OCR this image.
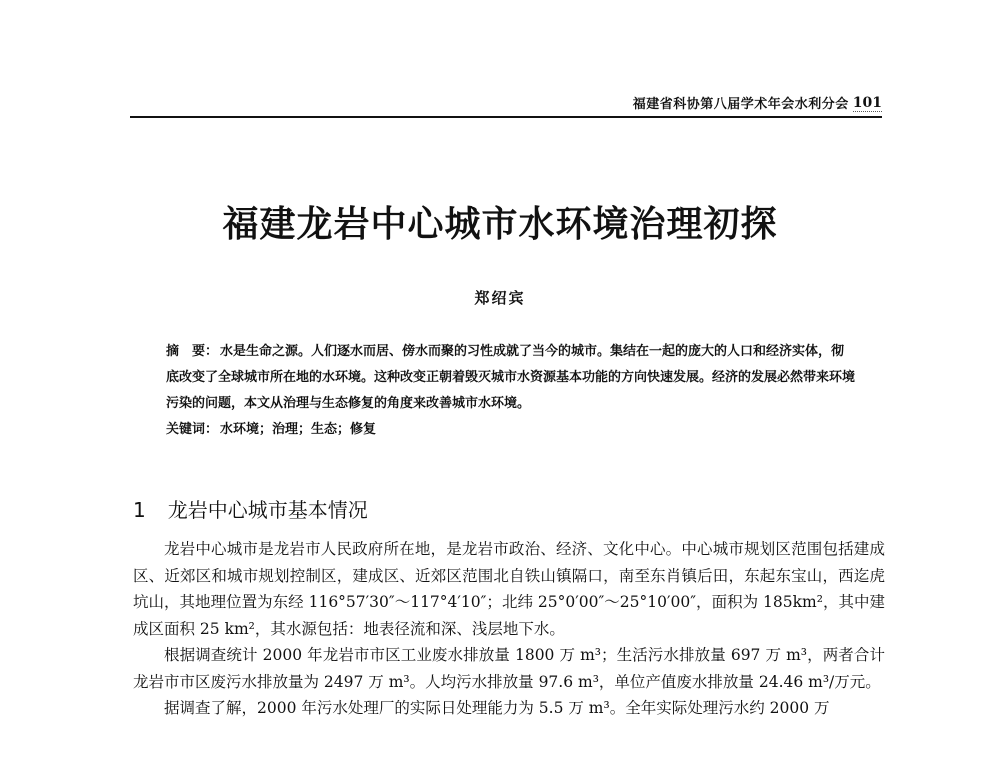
福建省科协第八届学术年会水利分会 101
福建龙岩中心城市水环境治理初探
郑绍宾

摘　要： 水是生命之源。人们逐水而居、傍水而聚的习性成就了当今的城市。集结在一起的庞大的人口和经济实体，彻底改变了全球城市所在地的水环境。这种改变正朝着毁灭城市水资源基本功能的方向快速发展。经济的发展必然带来环境污染的问题，本文从治理与生态修复的角度来改善城市水环境。

关键词： 水环境；治理；生态；修复

1 龙岩中心城市基本情况

龙岩中心城市是龙岩市人民政府所在地，是龙岩市政治、经济、文化中心。中心城市规划区范围包括建成区、近郊区和城市规划控制区，建成区、近郊区范围北自铁山镇隔口，南至东肖镇后田，东起东宝山，西迄虎坑山，其地理位置为东经 116°57′30″～117°4′10″；北纬 25°0′00″～25°10′00″，面积为 185km²，其中建成区面积 25 km²，其水源包括：地表径流和深、浅层地下水。

根据调查统计 2000 年龙岩市市区工业废水排放量 1800 万 m³；生活污水排放量 697 万 m³，两者合计龙岩市市区废污水排放量为 2497 万 m³。人均污水排放量 97.6 m³，单位产值废水排放量 24.46 m³/万元。

据调查了解，2000 年污水处理厂的实际日处理能力为 5.5 万 m³。全年实际处理污水约 2000 万
